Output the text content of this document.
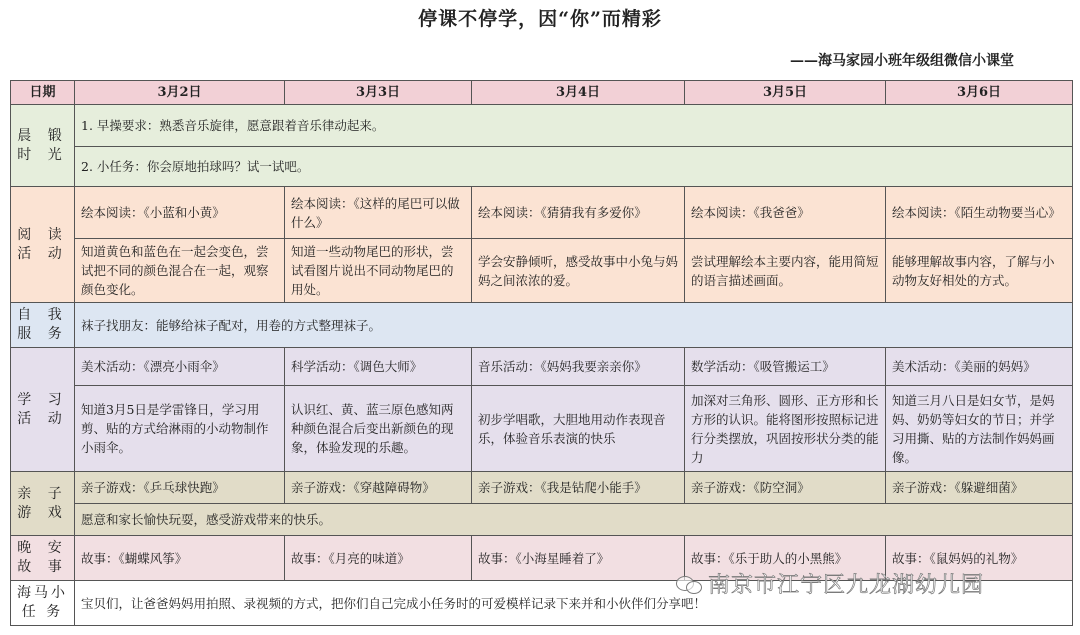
停课不停学，因“你”而精彩
——海马家园小班年级组微信小课堂
日期	3月2日	3月3日	3月4日	3月5日	3月6日
晨 锻 时 光	1. 早操要求：熟悉音乐旋律，愿意跟着音乐律动起来。				
	2. 小任务：你会原地拍球吗？试一试吧。				
阅 读 活 动	绘本阅读：《小蓝和小黄》	绘本阅读：《这样的尾巴可以做什么》	绘本阅读：《猜猜我有多爱你》	绘本阅读：《我爸爸》	绘本阅读：《陌生动物要当心》
	知道黄色和蓝色在一起会变色，尝试把不同的颜色混合在一起，观察颜色变化。	知道一些动物尾巴的形状，尝试看图片说出不同动物尾巴的用处。	学会安静倾听，感受故事中小兔与妈妈之间浓浓的爱。	尝试理解绘本主要内容，能用简短的语言描述画面。	能够理解故事内容，了解与小动物友好相处的方式。
自 我 服 务	袜子找朋友：能够给袜子配对，用卷的方式整理袜子。				
学 习 活 动	美术活动：《漂亮小雨伞》	科学活动：《调色大师》	音乐活动：《妈妈我要亲亲你》	数学活动：《吸管搬运工》	美术活动：《美丽的妈妈》
	知道3月5日是学雷锋日，学习用剪、贴的方式给淋雨的小动物制作小雨伞。	认识红、黄、蓝三原色感知两种颜色混合后变出新颜色的现象，体验发现的乐趣。	初步学唱歌，大胆地用动作表现音乐，体验音乐表演的快乐	加深对三角形、圆形、正方形和长方形的认识。能将图形按照标记进行分类摆放，巩固按形状分类的能力	知道三月八日是妇女节，是妈妈、奶奶等妇女的节日；并学习用撕、贴的方法制作妈妈画像。
亲 子 游 戏	亲子游戏：《乒乓球快跑》	亲子游戏：《穿越障碍物》	亲子游戏：《我是钻爬小能手》	亲子游戏：《防空洞》	亲子游戏：《躲避细菌》
	愿意和家长愉快玩耍，感受游戏带来的快乐。				
晚 安 故 事	故事：《蝴蝶风筝》	故事：《月亮的味道》	故事：《小海星睡着了》	故事：《乐于助人的小黑熊》	故事：《鼠妈妈的礼物》
海马小 任 务	宝贝们，让爸爸妈妈用拍照、录视频的方式，把你们自己完成小任务时的可爱模样记录下来并和小伙伴们分享吧！				
南京市江宁区九龙湖幼儿园
